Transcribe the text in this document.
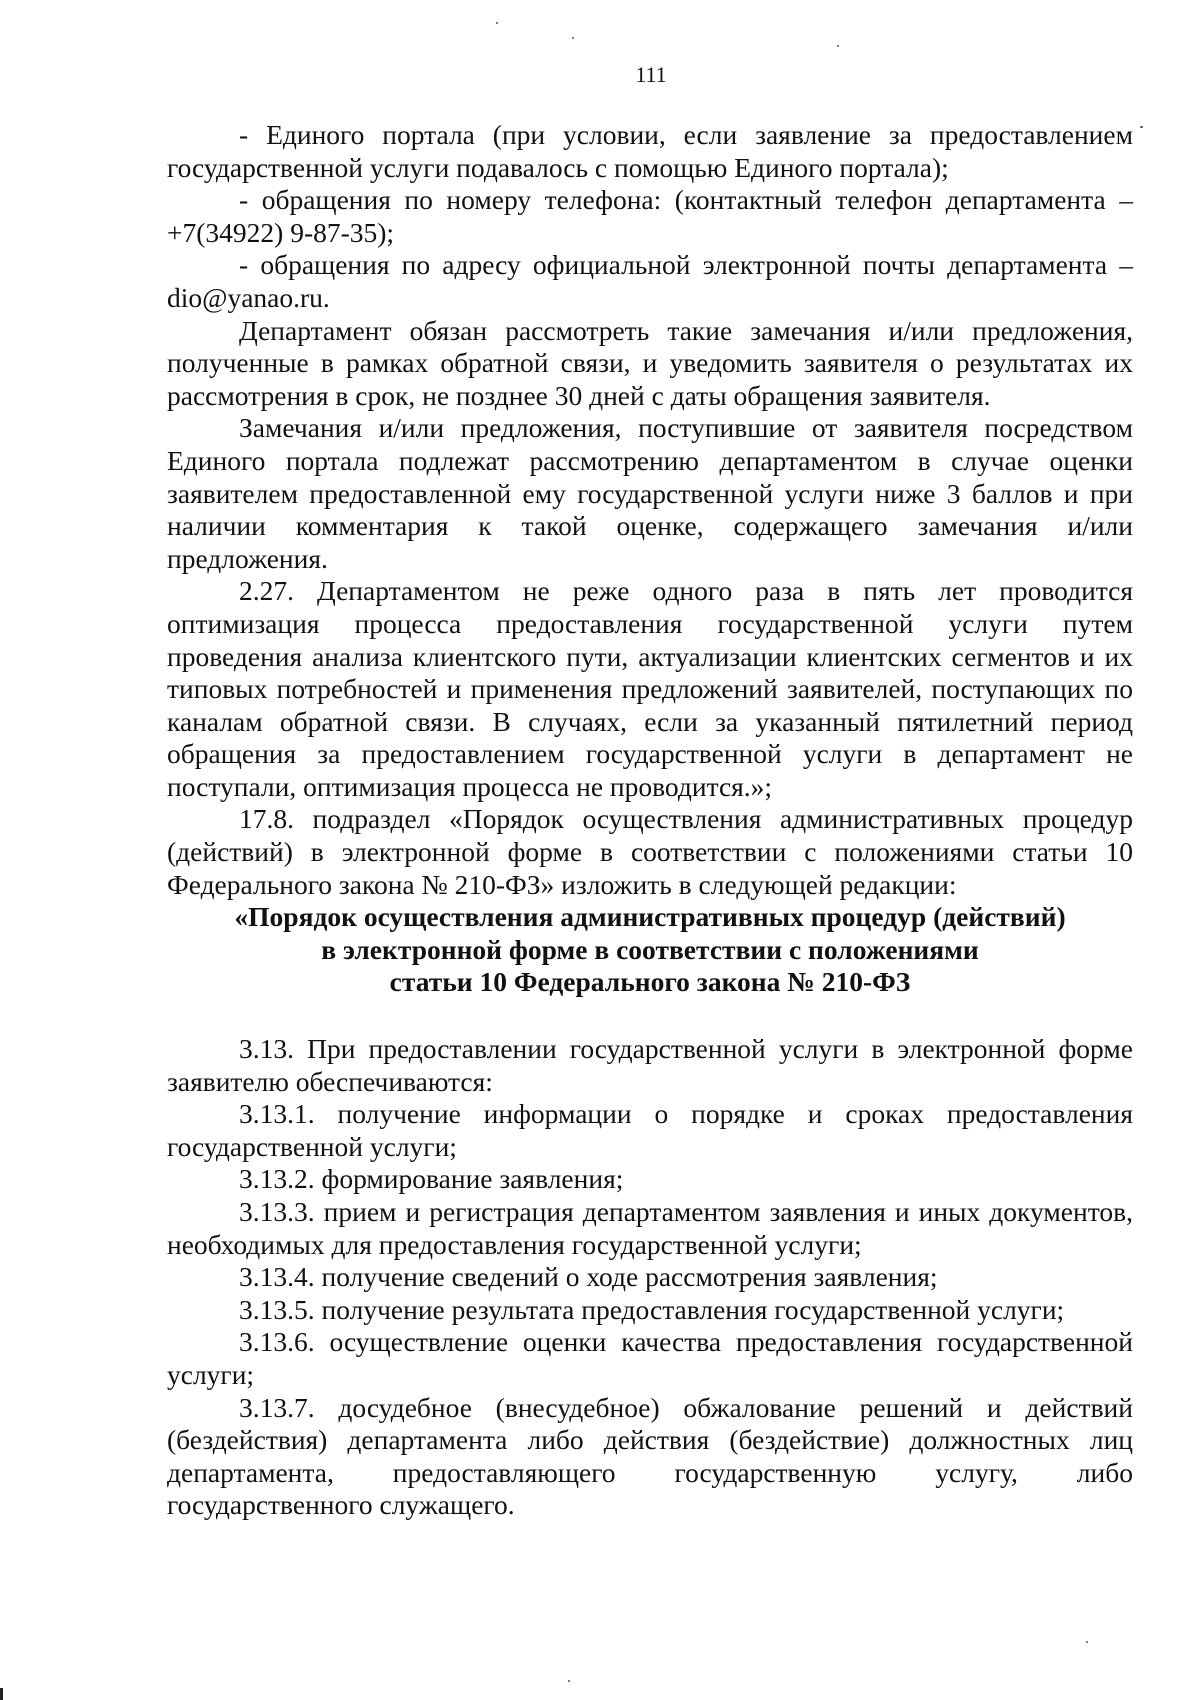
111

- Единого портала (при условии, если заявление за предоставлением государственной услуги подавалось с помощью Единого портала);

- обращения по номеру телефона: (контактный телефон департамента – +7(34922) 9-87-35);

- обращения по адресу официальной электронной почты департамента – dio@yanao.ru.

Департамент обязан рассмотреть такие замечания и/или предложения, полученные в рамках обратной связи, и уведомить заявителя о результатах их рассмотрения в срок, не позднее 30 дней с даты обращения заявителя.

Замечания и/или предложения, поступившие от заявителя посредством Единого портала подлежат рассмотрению департаментом в случае оценки заявителем предоставленной ему государственной услуги ниже 3 баллов и при наличии комментария к такой оценке, содержащего замечания и/или предложения.

2.27. Департаментом не реже одного раза в пять лет проводится оптимизация процесса предоставления государственной услуги путем проведения анализа клиентского пути, актуализации клиентских сегментов и их типовых потребностей и применения предложений заявителей, поступающих по каналам обратной связи. В случаях, если за указанный пятилетний период обращения за предоставлением государственной услуги в департамент не поступали, оптимизация процесса не проводится.»;

17.8. подраздел «Порядок осуществления административных процедур (действий) в электронной форме в соответствии с положениями статьи 10 Федерального закона № 210-ФЗ» изложить в следующей редакции:

«Порядок осуществления административных процедур (действий)
в электронной форме в соответствии с положениями
статьи 10 Федерального закона № 210-ФЗ

3.13. При предоставлении государственной услуги в электронной форме заявителю обеспечиваются:

3.13.1. получение информации о порядке и сроках предоставления государственной услуги;

3.13.2. формирование заявления;

3.13.3. прием и регистрация департаментом заявления и иных документов, необходимых для предоставления государственной услуги;

3.13.4. получение сведений о ходе рассмотрения заявления;

3.13.5. получение результата предоставления государственной услуги;

3.13.6. осуществление оценки качества предоставления государственной услуги;

3.13.7. досудебное (внесудебное) обжалование решений и действий (бездействия) департамента либо действия (бездействие) должностных лиц департамента, предоставляющего государственную услугу, либо государственного служащего.
